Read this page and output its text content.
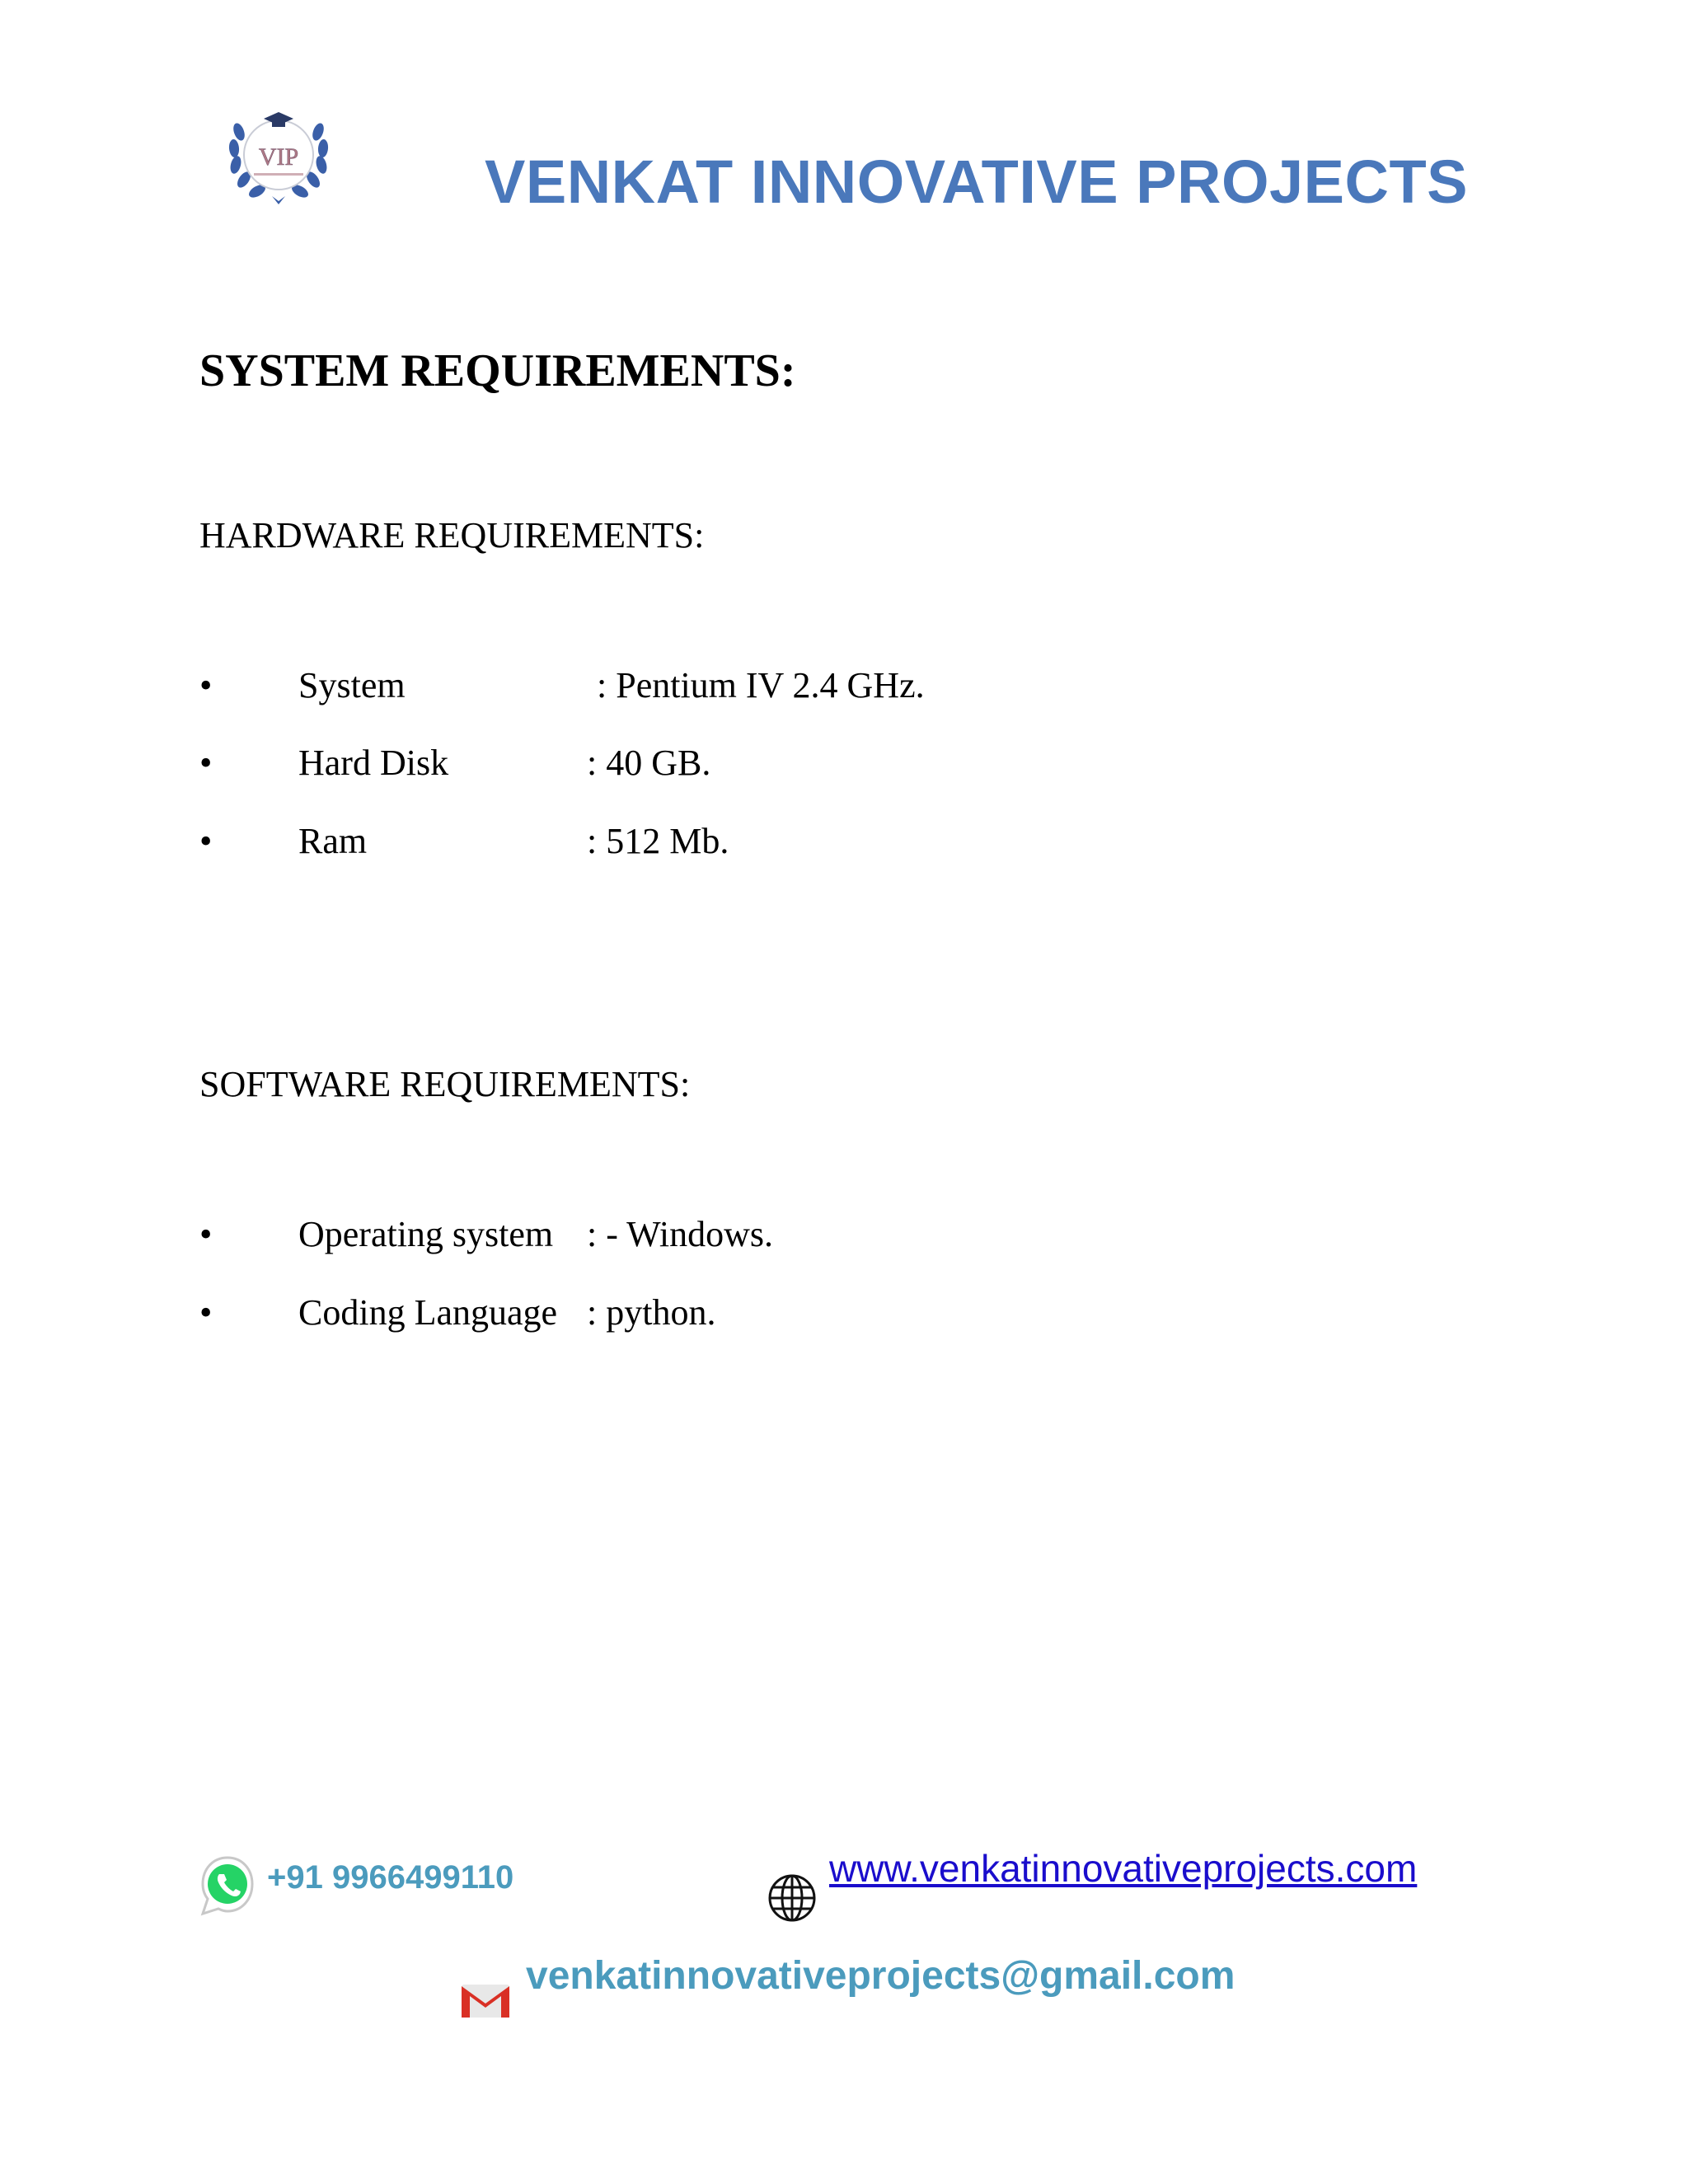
VIP	VENKAT INNOVATIVE PROJECTS
SYSTEM REQUIREMENTS:
HARDWARE REQUIREMENTS:
• System	: Pentium IV 2.4 GHz.
• Hard Disk	: 40 GB.
• Ram	: 512 Mb.
SOFTWARE REQUIREMENTS:
• Operating system : - Windows.
• Coding Language : python.
+91 9966499110	www.venkatinnovativeprojects.com
venkatinnovativeprojects@gmail.com
